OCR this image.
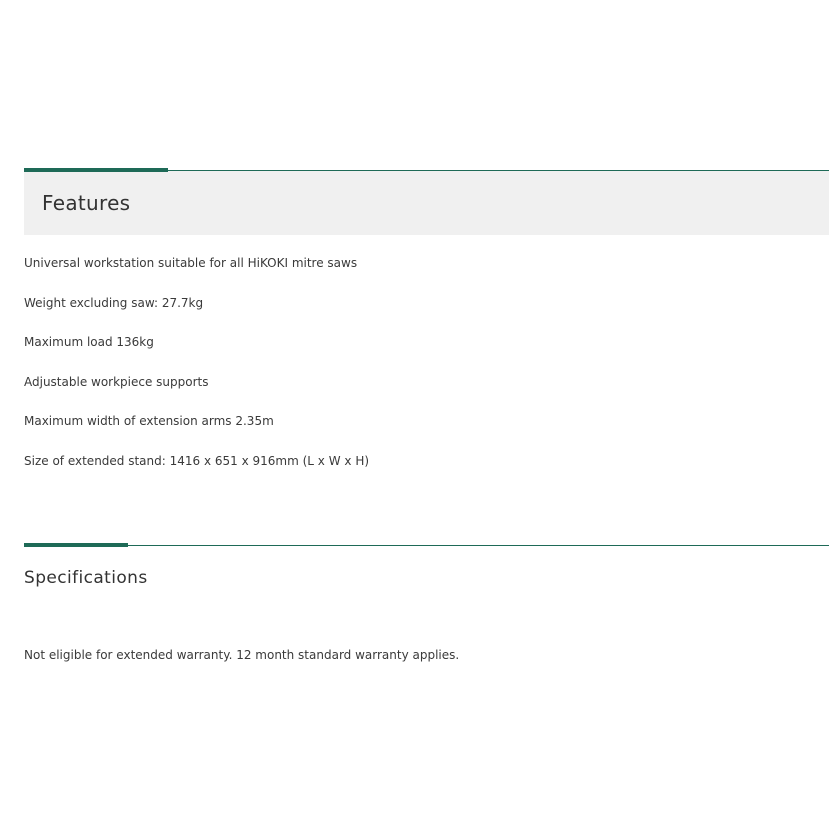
Features
Universal workstation suitable for all HiKOKI mitre saws
Weight excluding saw: 27.7kg
Maximum load 136kg
Adjustable workpiece supports
Maximum width of extension arms 2.35m
Size of extended stand: 1416 x 651 x 916mm (L x W x H)
Specifications

Not eligible for extended warranty. 12 month standard warranty applies.
